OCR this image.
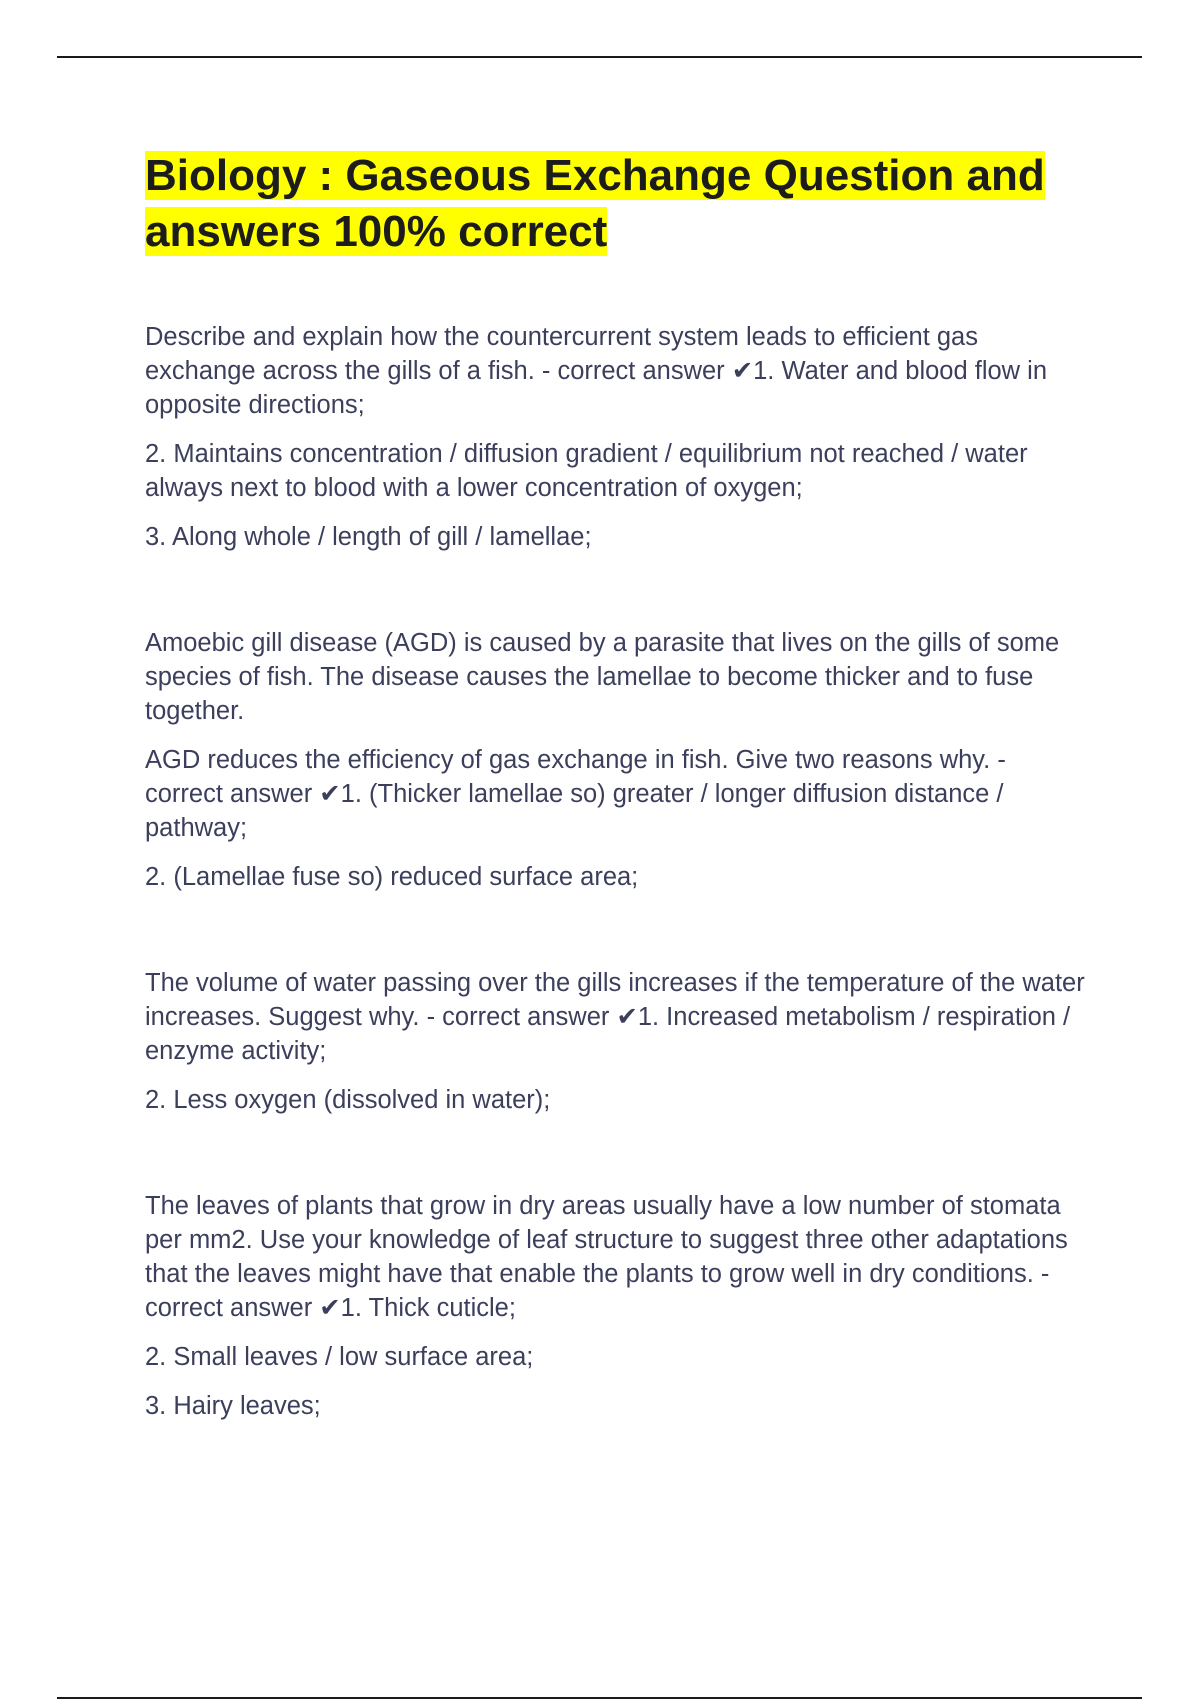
Biology : Gaseous Exchange Question and answers 100% correct

Describe and explain how the countercurrent system leads to efficient gas exchange across the gills of a fish. - correct answer ✔1. Water and blood flow in opposite directions;

2. Maintains concentration / diffusion gradient / equilibrium not reached / water always next to blood with a lower concentration of oxygen;

3. Along whole / length of gill / lamellae;

Amoebic gill disease (AGD) is caused by a parasite that lives on the gills of some species of fish. The disease causes the lamellae to become thicker and to fuse together.

AGD reduces the efficiency of gas exchange in fish. Give two reasons why. - correct answer ✔1. (Thicker lamellae so) greater / longer diffusion distance / pathway;

2. (Lamellae fuse so) reduced surface area;

The volume of water passing over the gills increases if the temperature of the water increases. Suggest why. - correct answer ✔1. Increased metabolism / respiration / enzyme activity;

2. Less oxygen (dissolved in water);

The leaves of plants that grow in dry areas usually have a low number of stomata per mm2. Use your knowledge of leaf structure to suggest three other adaptations that the leaves might have that enable the plants to grow well in dry conditions. - correct answer ✔1. Thick cuticle;

2. Small leaves / low surface area;

3. Hairy leaves;
